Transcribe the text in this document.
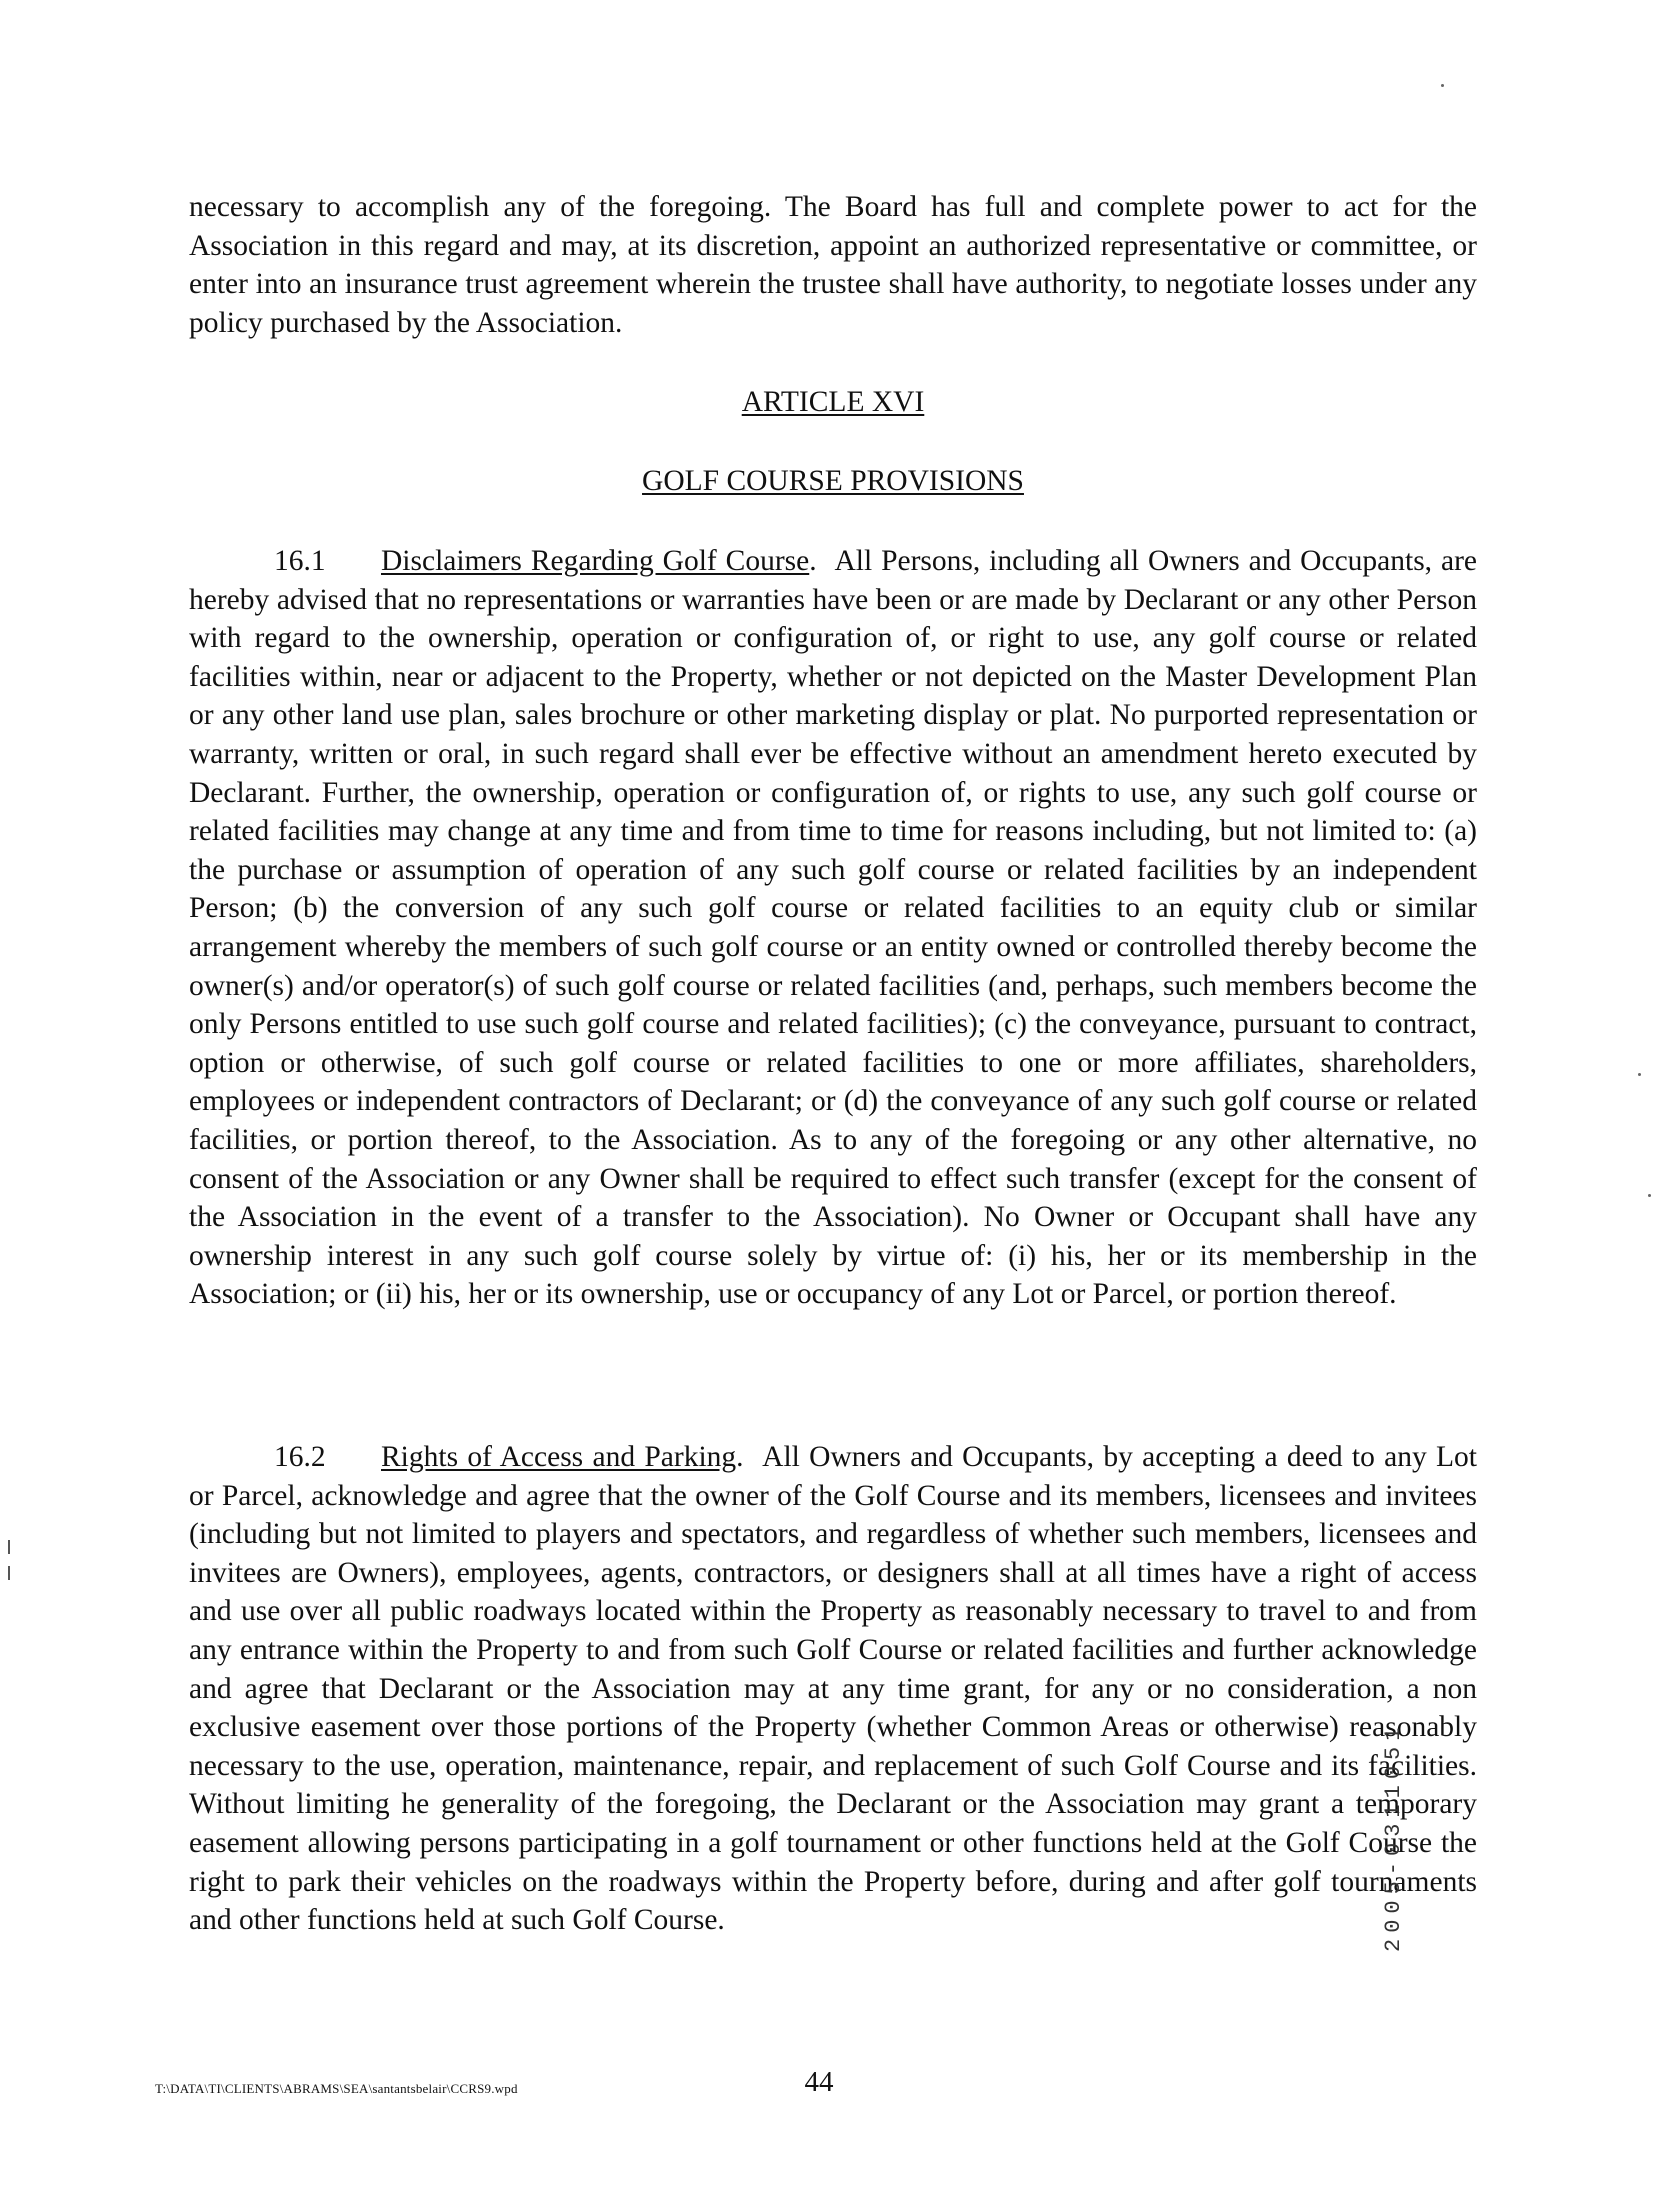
necessary to accomplish any of the foregoing. The Board has full and complete power to act for the Association in this regard and may, at its discretion, appoint an authorized representative or committee, or enter into an insurance trust agreement wherein the trustee shall have authority, to negotiate losses under any policy purchased by the Association.

ARTICLE XVI
GOLF COURSE PROVISIONS

16.1 Disclaimers Regarding Golf Course.  All Persons, including all Owners and Occupants, are hereby advised that no representations or warranties have been or are made by Declarant or any other Person with regard to the ownership, operation or configuration of, or right to use, any golf course or related facilities within, near or adjacent to the Property, whether or not depicted on the Master Development Plan or any other land use plan, sales brochure or other marketing display or plat. No purported representation or warranty, written or oral, in such regard shall ever be effective without an amendment hereto executed by Declarant. Further, the ownership, operation or configuration of, or rights to use, any such golf course or related facilities may change at any time and from time to time for reasons including, but not limited to: (a) the purchase or assumption of operation of any such golf course or related facilities by an independent Person; (b) the conversion of any such golf course or related facilities to an equity club or similar arrangement whereby the members of such golf course or an entity owned or controlled thereby become the owner(s) and/or operator(s) of such golf course or related facilities (and, perhaps, such members become the only Persons entitled to use such golf course and related facilities); (c) the conveyance, pursuant to contract, option or otherwise, of such golf course or related facilities to one or more affiliates, shareholders, employees or independent contractors of Declarant; or (d) the conveyance of any such golf course or related facilities, or portion thereof, to the Association. As to any of the foregoing or any other alternative, no consent of the Association or any Owner shall be required to effect such transfer (except for the consent of the Association in the event of a transfer to the Association). No Owner or Occupant shall have any ownership interest in any such golf course solely by virtue of: (i) his, her or its membership in the Association; or (ii) his, her or its ownership, use or occupancy of any Lot or Parcel, or portion thereof.

16.2 Rights of Access and Parking.  All Owners and Occupants, by accepting a deed to any Lot or Parcel, acknowledge and agree that the owner of the Golf Course and its members, licensees and invitees (including but not limited to players and spectators, and regardless of whether such members, licensees and invitees are Owners), employees, agents, contractors, or designers shall at all times have a right of access and use over all public roadways located within the Property as reasonably necessary to travel to and from any entrance within the Property to and from such Golf Course or related facilities and further acknowledge and agree that Declarant or the Association may at any time grant, for any or no consideration, a non exclusive easement over those portions of the Property (whether Common Areas or otherwise) reasonably necessary to the use, operation, maintenance, repair, and replacement of such Golf Course and its facilities. Without limiting he generality of the foregoing, the Declarant or the Association may grant a temporary easement allowing persons participating in a golf tournament or other functions held at the Golf Course the right to park their vehicles on the roadways within the Property before, during and after golf tournaments and other functions held at such Golf Course.

T:\DATA\TI\CLIENTS\ABRAMS\SEA\santantsbelair\CCRS9.wpd	44
2005-0311051
